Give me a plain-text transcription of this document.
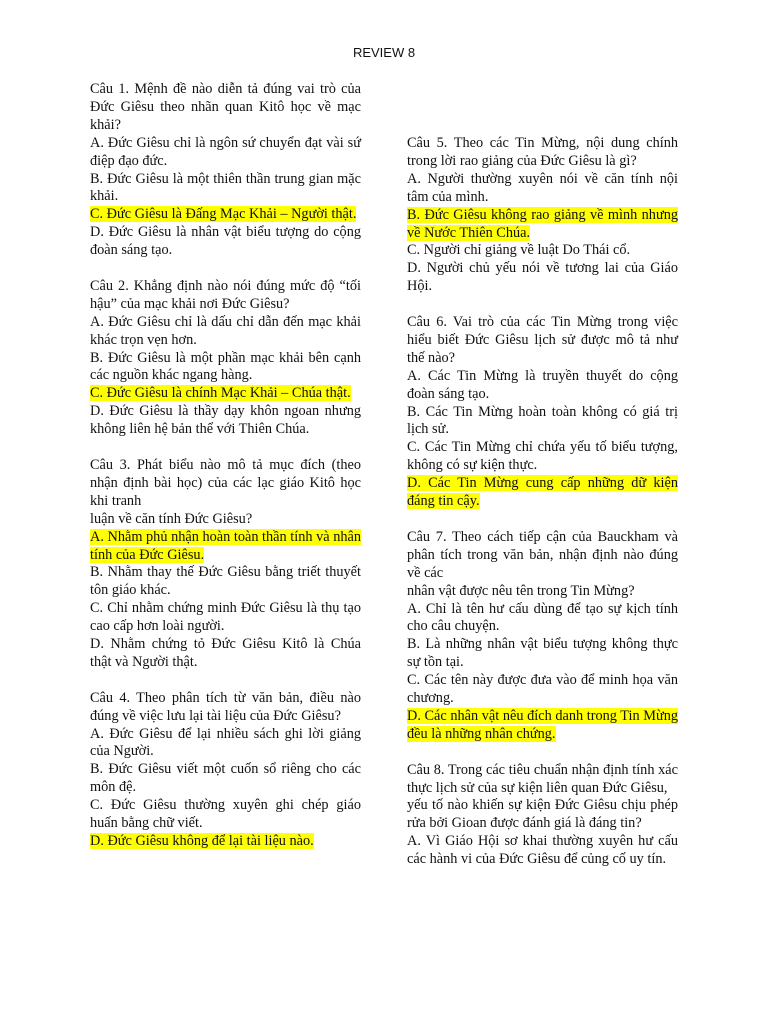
REVIEW 8

Câu 1. Mệnh đề nào diễn tả đúng vai trò của Đức Giêsu theo nhãn quan Kitô học về mạc khải?

A. Đức Giêsu chỉ là ngôn sứ chuyển đạt vài sứ điệp đạo đức.

B. Đức Giêsu là một thiên thần trung gian mặc khải.

C. Đức Giêsu là Đấng Mạc Khải – Người thật.

D. Đức Giêsu là nhân vật biểu tượng do cộng đoàn sáng tạo.

Câu 2. Khẳng định nào nói đúng mức độ “tối hậu” của mạc khải nơi Đức Giêsu?

A. Đức Giêsu chỉ là dấu chỉ dẫn đến mạc khải khác trọn vẹn hơn.

B. Đức Giêsu là một phần mạc khải bên cạnh các nguồn khác ngang hàng.

C. Đức Giêsu là chính Mạc Khải – Chúa thật.

D. Đức Giêsu là thầy dạy khôn ngoan nhưng không liên hệ bản thể với Thiên Chúa.

Câu 3. Phát biểu nào mô tả mục đích (theo nhận định bài học) của các lạc giáo Kitô học khi tranh

luận về căn tính Đức Giêsu?

A. Nhằm phủ nhận hoàn toàn thần tính và nhân tính của Đức Giêsu.

B. Nhằm thay thế Đức Giêsu bằng triết thuyết tôn giáo khác.

C. Chỉ nhằm chứng minh Đức Giêsu là thụ tạo cao cấp hơn loài người.

D. Nhằm chứng tỏ Đức Giêsu Kitô là Chúa thật và Người thật.

Câu 4. Theo phân tích từ văn bản, điều nào đúng về việc lưu lại tài liệu của Đức Giêsu?

A. Đức Giêsu để lại nhiều sách ghi lời giảng của Người.

B. Đức Giêsu viết một cuốn sổ riêng cho các môn đệ.

C. Đức Giêsu thường xuyên ghi chép giáo huấn bằng chữ viết.

D. Đức Giêsu không để lại tài liệu nào.

Câu 5. Theo các Tin Mừng, nội dung chính trong lời rao giảng của Đức Giêsu là gì?

A. Người thường xuyên nói về căn tính nội tâm của mình.

B. Đức Giêsu không rao giảng về mình nhưng về Nước Thiên Chúa.

C. Người chỉ giảng về luật Do Thái cổ.

D. Người chủ yếu nói về tương lai của Giáo Hội.

Câu 6. Vai trò của các Tin Mừng trong việc hiểu biết Đức Giêsu lịch sử được mô tả như thế nào?

A. Các Tin Mừng là truyền thuyết do cộng đoàn sáng tạo.

B. Các Tin Mừng hoàn toàn không có giá trị lịch sử.

C. Các Tin Mừng chỉ chứa yếu tố biểu tượng, không có sự kiện thực.

D. Các Tin Mừng cung cấp những dữ kiện đáng tin cậy.

Câu 7. Theo cách tiếp cận của Bauckham và phân tích trong văn bản, nhận định nào đúng về các

nhân vật được nêu tên trong Tin Mừng?

A. Chỉ là tên hư cấu dùng để tạo sự kịch tính cho câu chuyện.

B. Là những nhân vật biểu tượng không thực sự tồn tại.

C. Các tên này được đưa vào để minh họa văn chương.

D. Các nhân vật nêu đích danh trong Tin Mừng đều là những nhân chứng.

Câu 8. Trong các tiêu chuẩn nhận định tính xác thực lịch sử của sự kiện liên quan Đức Giêsu,

yếu tố nào khiến sự kiện Đức Giêsu chịu phép rửa bởi Gioan được đánh giá là đáng tin?

A. Vì Giáo Hội sơ khai thường xuyên hư cấu các hành vi của Đức Giêsu để củng cố uy tín.
